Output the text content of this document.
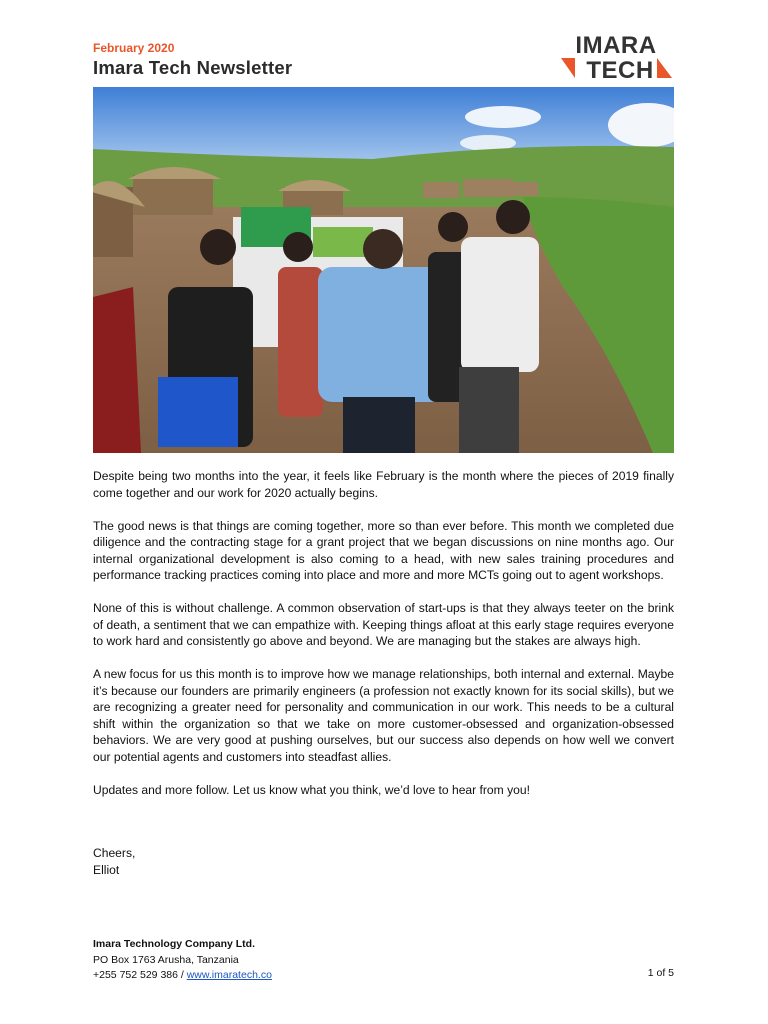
February 2020
Imara Tech Newsletter
IMARA
TECH

Despite being two months into the year, it feels like February is the month where the pieces of 2019 finally come together and our work for 2020 actually begins.

The good news is that things are coming together, more so than ever before. This month we completed due diligence and the contracting stage for a grant project that we began discussions on nine months ago. Our internal organizational development is also coming to a head, with new sales training procedures and performance tracking practices coming into place and more and more MCTs going out to agent workshops.

None of this is without challenge. A common observation of start-ups is that they always teeter on the brink of death, a sentiment that we can empathize with. Keeping things afloat at this early stage requires everyone to work hard and consistently go above and beyond. We are managing but the stakes are always high.

A new focus for us this month is to improve how we manage relationships, both internal and external. Maybe it’s because our founders are primarily engineers (a profession not exactly known for its social skills), but we are recognizing a greater need for personality and communication in our work. This needs to be a cultural shift within the organization so that we take on more customer-obsessed and organization-obsessed behaviors. We are very good at pushing ourselves, but our success also depends on how well we convert our potential agents and customers into steadfast allies.

Updates and more follow. Let us know what you think, we’d love to hear from you!

Cheers,
Elliot
Imara Technology Company Ltd.
PO Box 1763 Arusha, Tanzania
+255 752 529 386 / www.imaratech.co	1 of 5
